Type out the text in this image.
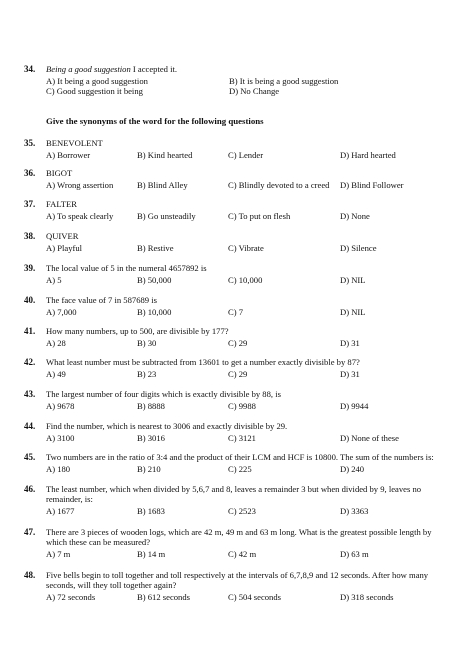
34. Being a good suggestion I accepted it.
A) It being a good suggestion	B) It is being a good suggestion
C) Good suggestion it being	D) No Change
Give the synonyms of the word for the following questions
35. BENEVOLENT
A) Borrower	B) Kind hearted	C) Lender	D) Hard hearted
36. BIGOT
A) Wrong assertion	B) Blind Alley	C) Blindly devoted to a creed	D) Blind Follower
37. FALTER
A) To speak clearly	B) Go unsteadily	C) To put on flesh	D) None
38. QUIVER
A) Playful	B) Restive	C) Vibrate	D) Silence
39. The local value of 5 in the numeral 4657892 is
A) 5	B) 50,000	C) 10,000	D) NIL
40. The face value of 7 in 587689 is
A) 7,000	B) 10,000	C) 7	D) NIL
41. How many numbers, up to 500, are divisible by 177?
A) 28	B) 30	C) 29	D) 31
42. What least number must be subtracted from 13601 to get a number exactly divisible by 87?
A) 49	B) 23	C) 29	D) 31
43. The largest number of four digits which is exactly divisible by 88, is
A) 9678	B) 8888	C) 9988	D) 9944
44. Find the number, which is nearest to 3006 and exactly divisible by 29.
A) 3100	B) 3016	C) 3121	D) None of these
45. Two numbers are in the ratio of 3:4 and the product of their LCM and HCF is 10800. The sum of the numbers is:
A) 180	B) 210	C) 225	D) 240
46. The least number, which when divided by 5,6,7 and 8, leaves a remainder 3 but when divided by 9, leaves no remainder, is:
A) 1677	B) 1683	C) 2523	D) 3363
47. There are 3 pieces of wooden logs, which are 42 m, 49 m and 63 m long. What is the greatest possible length by which these can be measured?
A) 7 m	B) 14 m	C) 42 m	D) 63 m
48. Five bells begin to toll together and toll respectively at the intervals of 6,7,8,9 and 12 seconds. After how many seconds, will they toll together again?
A) 72 seconds	B) 612 seconds	C) 504 seconds	D) 318 seconds
